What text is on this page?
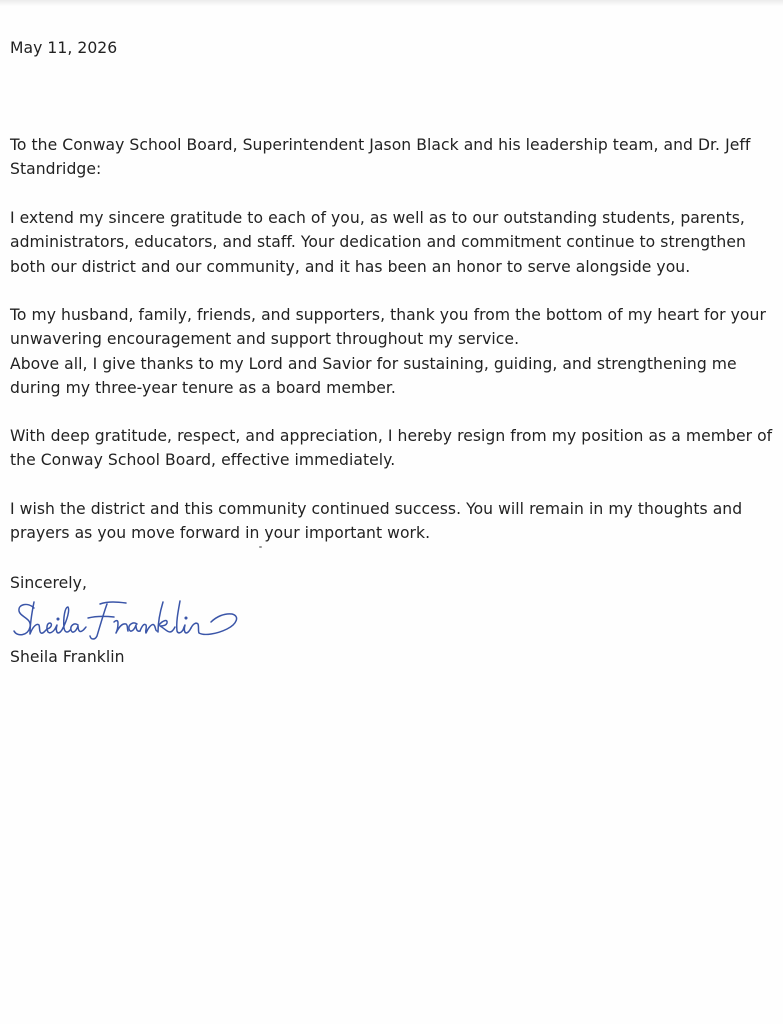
May 11, 2026
To the Conway School Board, Superintendent Jason Black and his leadership team, and Dr. Jeff
Standridge:
I extend my sincere gratitude to each of you, as well as to our outstanding students, parents,
administrators, educators, and staff. Your dedication and commitment continue to strengthen
both our district and our community, and it has been an honor to serve alongside you.
To my husband, family, friends, and supporters, thank you from the bottom of my heart for your
unwavering encouragement and support throughout my service.
Above all, I give thanks to my Lord and Savior for sustaining, guiding, and strengthening me
during my three-year tenure as a board member.
With deep gratitude, respect, and appreciation, I hereby resign from my position as a member of
the Conway School Board, effective immediately.
I wish the district and this community continued success. You will remain in my thoughts and
prayers as you move forward in your important work.
Sincerely,
Sheila Franklin
